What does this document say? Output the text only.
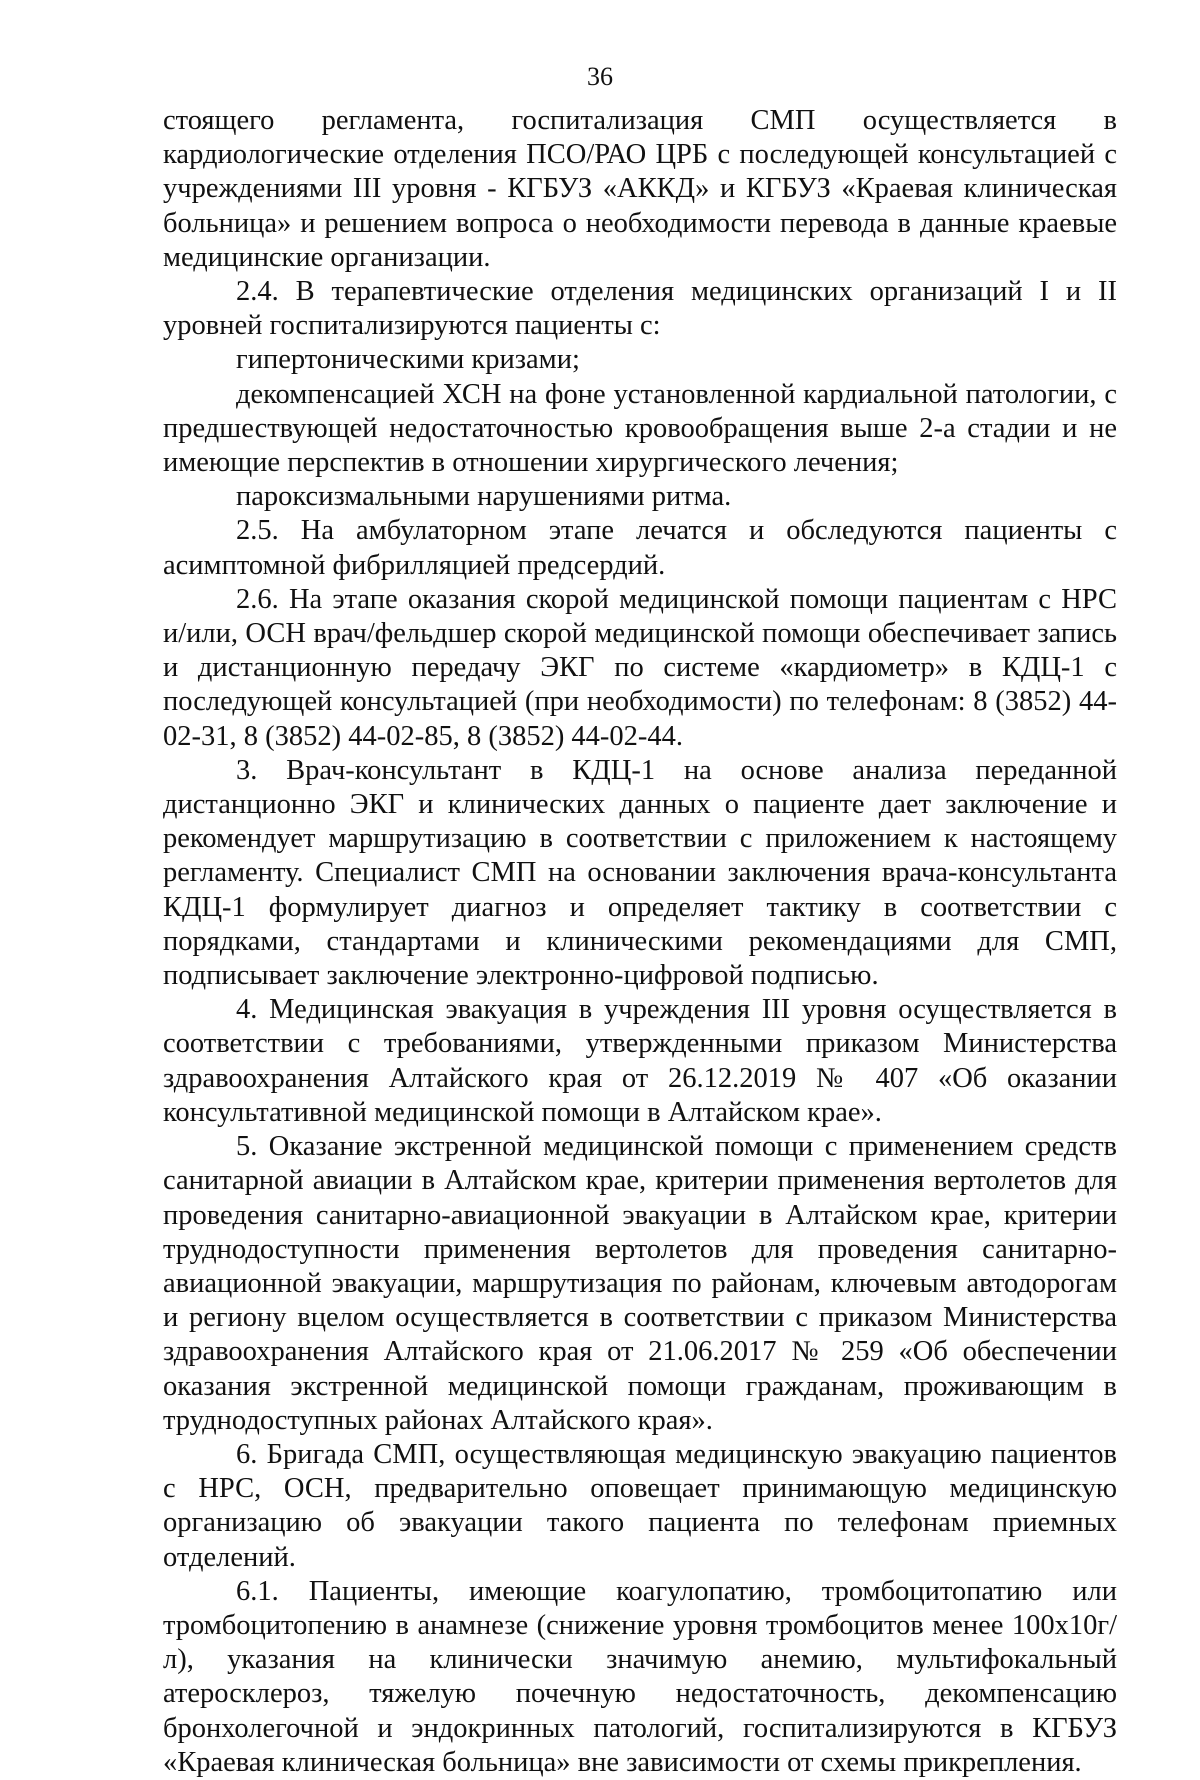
36

стоящего регламента, госпитализация СМП осуществляется в кардиологические отделения ПСО/РАО ЦРБ с последующей консультацией с учреждениями III уровня - КГБУЗ «АККД» и КГБУЗ «Краевая клиническая больница» и решением вопроса о необходимости перевода в данные краевые медицинские организации.

2.4. В терапевтические отделения медицинских организаций I и II уровней госпитализируются пациенты с:

гипертоническими кризами;

декомпенсацией ХСН на фоне установленной кардиальной патологии, с предшествующей недостаточностью кровообращения выше 2-а стадии и не имеющие перспектив в отношении хирургического лечения;

пароксизмальными нарушениями ритма.

2.5. На амбулаторном этапе лечатся и обследуются пациенты с асимптомной фибрилляцией предсердий.

2.6. На этапе оказания скорой медицинской помощи пациентам с НРС и/или, ОСН врач/фельдшер скорой медицинской помощи обеспечивает запись и дистанционную передачу ЭКГ по системе «кардиометр» в КДЦ-1 с последующей консультацией (при необходимости) по телефонам: 8 (3852) 44-02-31, 8 (3852) 44-02-85, 8 (3852) 44-02-44.

3. Врач-консультант в КДЦ-1 на основе анализа переданной дистанционно ЭКГ и клинических данных о пациенте дает заключение и рекомендует маршрутизацию в соответствии с приложением к настоящему регламенту. Специалист СМП на основании заключения врача-консультанта КДЦ-1 формулирует диагноз и определяет тактику в соответствии с порядками, стандартами и клиническими рекомендациями для СМП, подписывает заключение электронно-цифровой подписью.

4. Медицинская эвакуация в учреждения III уровня осуществляется в соответствии с требованиями, утвержденными приказом Министерства здравоохранения Алтайского края от 26.12.2019 № 407 «Об оказании консультативной медицинской помощи в Алтайском крае».

5. Оказание экстренной медицинской помощи с применением средств санитарной авиации в Алтайском крае, критерии применения вертолетов для проведения санитарно-авиационной эвакуации в Алтайском крае, критерии труднодоступности применения вертолетов для проведения санитарно-авиационной эвакуации, маршрутизация по районам, ключевым автодорогам и региону вцелом осуществляется в соответствии с приказом Министерства здравоохранения Алтайского края от 21.06.2017 № 259 «Об обеспечении оказания экстренной медицинской помощи гражданам, проживающим в труднодоступных районах Алтайского края».

6. Бригада СМП, осуществляющая медицинскую эвакуацию пациентов с НРС, ОСН, предварительно оповещает принимающую медицинскую организацию об эвакуации такого пациента по телефонам приемных отделений.

6.1. Пациенты, имеющие коагулопатию, тромбоцитопатию или тромбоцитопению в анамнезе (снижение уровня тромбоцитов менее 100x10г/л), указания на клинически значимую анемию, мультифокальный атеросклероз, тяжелую почечную недостаточность, декомпенсацию бронхолегочной и эндокринных патологий, госпитализируются в КГБУЗ «Краевая клиническая больница» вне зависимости от схемы прикрепления.
